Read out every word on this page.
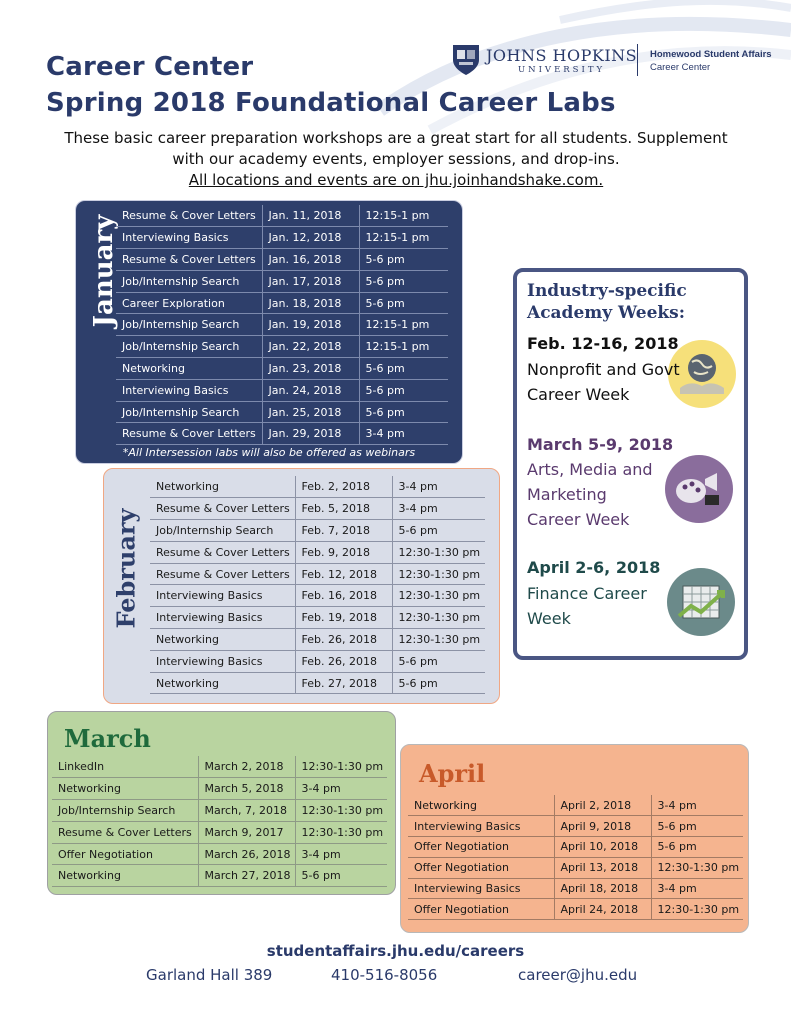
Career Center
Spring 2018 Foundational Career Labs
JOHNS HOPKINS
UNIVERSITY
Homewood Student Affairs
Career Center
These basic career preparation workshops are a great start for all students. Supplement
with our academy events, employer sessions, and drop-ins.
All locations and events are on jhu.joinhandshake.com.
January Resume & Cover Letters	Jan. 11, 2018	12:15-1 pm
Interviewing Basics	Jan. 12, 2018	12:15-1 pm
Resume & Cover Letters	Jan. 16, 2018	5-6 pm
Job/Internship Search	Jan. 17, 2018	5-6 pm
Career Exploration	Jan. 18, 2018	5-6 pm
Job/Internship Search	Jan. 19, 2018	12:15-1 pm
Job/Internship Search	Jan. 22, 2018	12:15-1 pm
Networking	Jan. 23, 2018	5-6 pm
Interviewing Basics	Jan. 24, 2018	5-6 pm
Job/Internship Search	Jan. 25, 2018	5-6 pm
Resume & Cover Letters	Jan. 29, 2018	3-4 pm
*All Intersession labs will also be offered as webinars
February
Networking	Feb. 2, 2018	3-4 pm
Resume & Cover Letters	Feb. 5, 2018	3-4 pm
Job/Internship Search	Feb. 7, 2018	5-6 pm
Resume & Cover Letters	Feb. 9, 2018	12:30-1:30 pm
Resume & Cover Letters	Feb. 12, 2018	12:30-1:30 pm
Interviewing Basics	Feb. 16, 2018	12:30-1:30 pm
Interviewing Basics	Feb. 19, 2018	12:30-1:30 pm
Networking	Feb. 26, 2018	12:30-1:30 pm
Interviewing Basics	Feb. 26, 2018	5-6 pm
Networking	Feb. 27, 2018	5-6 pm
March
LinkedIn	March 2, 2018	12:30-1:30 pm
Networking	March 5, 2018	3-4 pm
Job/Internship Search	March, 7, 2018	12:30-1:30 pm
Resume & Cover Letters	March 9, 2017	12:30-1:30 pm
Offer Negotiation	March 26, 2018	3-4 pm
Networking	March 27, 2018	5-6 pm
April
Networking	April 2, 2018	3-4 pm
Interviewing Basics	April 9, 2018	5-6 pm
Offer Negotiation	April 10, 2018	5-6 pm
Offer Negotiation	April 13, 2018	12:30-1:30 pm
Interviewing Basics	April 18, 2018	3-4 pm
Offer Negotiation	April 24, 2018	12:30-1:30 pm
Industry-specific
Academy Weeks:
Feb. 12-16, 2018
Nonprofit and Govt
Career Week
March 5-9, 2018
Arts, Media and
Marketing
Career Week
April 2-6, 2018
Finance Career
Week
studentaffairs.jhu.edu/careers
Garland Hall 389	410-516-8056	career@jhu.edu
